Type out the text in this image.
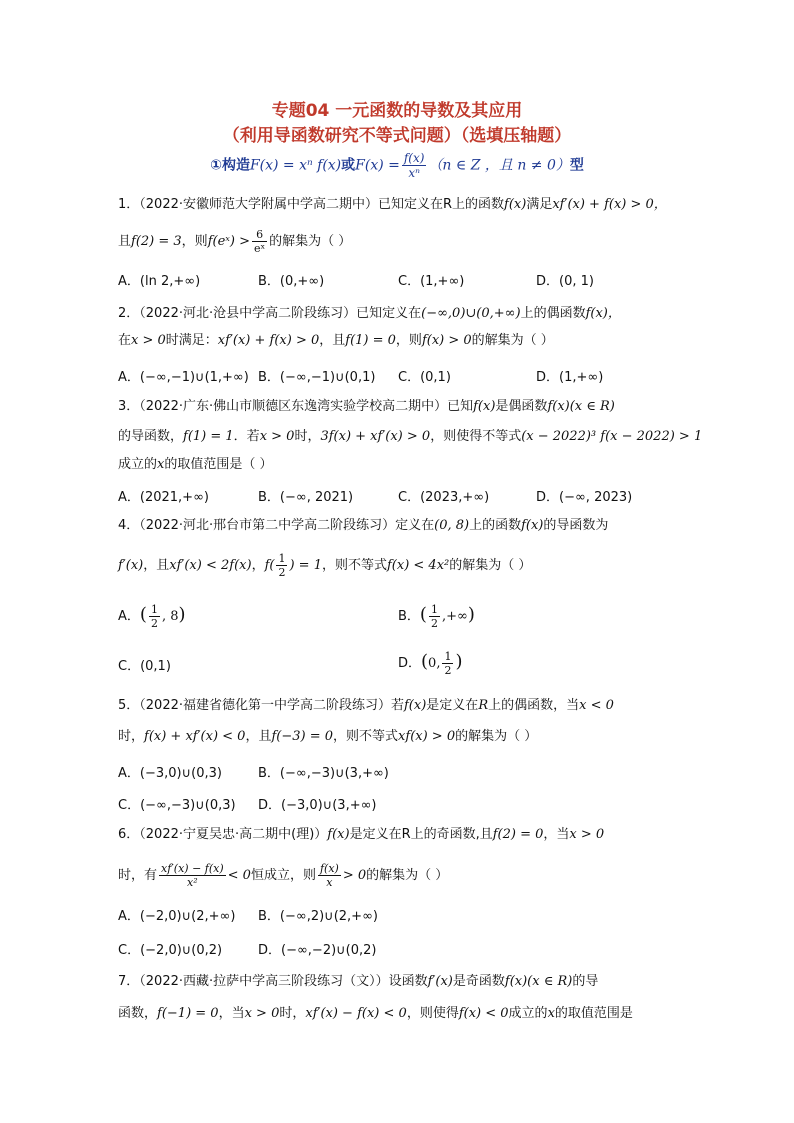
专题04 一元函数的导数及其应用
（利用导函数研究不等式问题）（选填压轴题）
①构造F(x) = xⁿ f(x)或$F(x) = \frac{f(x)}{\text{xⁿ}} (n$ ∈ Z ，且 n ≠ 0）型
1．（2022·安徽师范大学附属中学高二期中）已知定义在R上的函数f(x)满足xf′(x) + f(x) > 0，
且f(2) = 3，则f(eˣ) > $\frac{6}{\text{eˣ}}$ 的解集为（ ）
A．(ln 2,+∞)	B．(0,+∞)	C．(1,+∞)	D．(0, 1)
2．（2022·河北·沧县中学高二阶段练习）已知定义在(−∞,0)∪(0,+∞)上的偶函数f(x)，
在x > 0时满足：xf′(x) + f(x) > 0，且f(1) = 0，则f(x) > 0的解集为（ ）
A．(−∞,−1)∪(1,+∞) B．(−∞,−1)∪(0,1) C．(0,1)	D．(1,+∞)
3．（2022·广东·佛山市顺德区东逸湾实验学校高二期中）已知f(x)是偶函数f(x)(x ∈ R)
的导函数，f(1) = 1．若x > 0时，3f(x) + xf′(x) > 0，则使得不等式(x − 2022)³ f(x − 2022) > 1
成立的x的取值范围是（ ）
A．(2021,+∞)	B．(−∞, 2021)	C．(2023,+∞)	D．(−∞, 2023)
4．（2022·河北·邢台市第二中学高二阶段练习）定义在(0, 8)上的函数f(x)的导函数为
f′(x)，且xf′(x) < 2f(x)，$f( \frac{1}{2}$ ) = 1，则不等式f(x) < 4x²的解集为（ ）
A．( $\frac{1}{2}$ , 8)	B．( $\frac{1}{2}$ ,+∞)
C．(0,1)	D．(0, $\frac{1}{2}$ )
5．（2022·福建省德化第一中学高二阶段练习）若f(x)是定义在R上的偶函数，当x < 0
时，f(x) + xf′(x) < 0，且f(−3) = 0，则不等式xf(x) > 0的解集为（ ）
A．(−3,0)∪(0,3)	B．(−∞,−3)∪(3,+∞)
C．(−∞,−3)∪(0,3) D．(−3,0)∪(3,+∞)
6．（2022·宁夏吴忠·高二期中(理)）f(x)是定义在R上的奇函数,且f(2) = 0，当x > 0
时，有 $\frac{xf'(x) - f(x)}{\text{x²}} < 0$恒成立，则 $\frac{f(x)}{x} > 0$的解集为（ ）
A．(−2,0)∪(2,+∞) B．(−∞,2)∪(2,+∞)
C．(−2,0)∪(0,2)	D．(−∞,−2)∪(0,2)
7．（2022·西藏·拉萨中学高三阶段练习（文））设函数f′(x)是奇函数f(x)(x ∈ R)的导
函数，f(−1) = 0，当x > 0时，xf′(x) − f(x) < 0，则使得f(x) < 0成立的x的取值范围是
